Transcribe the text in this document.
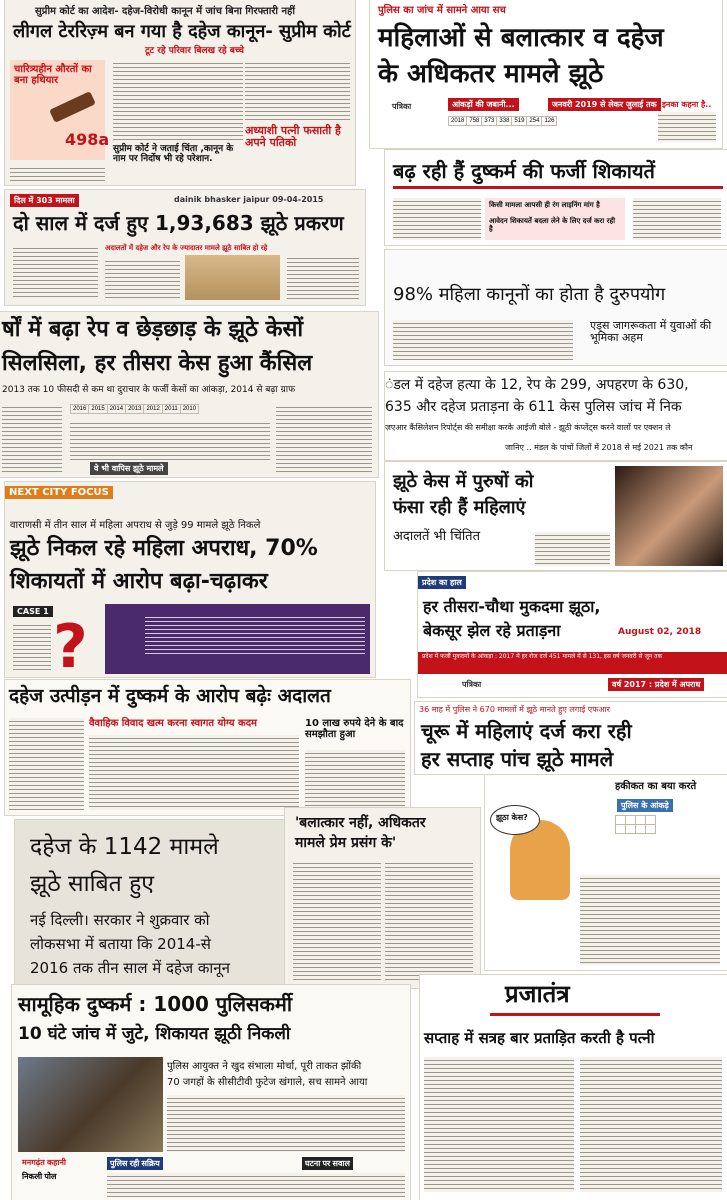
सुप्रीम कोर्ट का आदेश- दहेज-विरोधी कानून में जांच बिना गिरफ्तारी नहीं
लीगल टेररिज़्म बन गया है दहेज कानून- सुप्रीम कोर्ट
टूट रहे परिवार बिलख रहे बच्चे
चारित्र्यहीन औरतों का बना हथियार
498a	अध्याशी पत्नी फसाती है अपने पतिको
सुप्रीम कोर्ट ने जताई चिंता ,कानून के नाम पर निर्दोष भी रहे परेशान.
पुलिस का जांच में सामने आया सच
महिलाओं से बलात्कार व दहेज
के अधिकतर मामले झूठे
पत्रिका	आंकड़ों की जबानी...	जनवरी 2019 से लेकर जुलाई तक इनका कहना है..
2018	758	373	338	519	254	126
दिल में 303 मामला	dainik bhasker jaipur 09-04-2015
दो साल में दर्ज हुए 1,93,683 झूठे प्रकरण
अदालतों में दहेज और रेप के ज्यादातर मामले झूठे साबित हो रहे
बढ़ रही हैं दुष्कर्म की फर्जी शिकायतें
किसी मामला आपसी ही रंग लाइनिंग मांग है
आवेदन शिकायतें बदला लेने के लिए दर्ज करा रही है
98% महिला कानूनों का होता है दुरुपयोग
एड्स जागरूकता में युवाओं की भूमिका अहम
र्षों में बढ़ा रेप व छेड़छाड़ के झूठे केसों
सिलसिला, हर तीसरा केस हुआ कैंसिल
2013 तक 10 फीसदी से कम था दुराचार के फर्जी केसों का आंकड़ा, 2014 से बढ़ा ग्राफ
2016	2015	2014	2013	2012	2011	2010
वे भी वापिस झूठे मामले
ंडल में दहेज हत्या के 12, रेप के 299, अपहरण के 630,
635 और दहेज प्रताड़ना के 611 केस पुलिस जांच में निक
ज़एआर कैंसिलेशन रिपोर्ट्स की समीक्षा करके आईजी बोले - झूठी कंप्लेंट्स करने वालों पर एक्शन ले
जानिए .. मंडल के पांचों जिलों में 2018 से मई 2021 तक कौन
NEXT CITY FOCUS
वाराणसी में तीन साल में महिला अपराध से जुड़े 99 मामले झूठे निकले
झूठे निकल रहे महिला अपराध, 70%
शिकायतों में आरोप बढ़ा-चढ़ाकर
CASE 1
?
झूठे केस में पुरुषों को
फंसा रही हैं महिलाएं
अदालतें भी चिंतित
प्रदेश का हाल
हर तीसरा-चौथा मुकदमा झूठा,
बेकसूर झेल रहे प्रताड़ना	August 02, 2018
प्रदेश में फर्जी मुकदमों के आंकड़ा : 2017 में हर रोज दर्ज 451 मामले में से 131, इस वर्ष जनवरी से जून तक
पत्रिका	वर्ष 2017 : प्रदेश में अपराध
दहेज उत्पीड़न में दुष्कर्म के आरोप बढ़ेः अदालत
वैवाहिक विवाद खत्म करना स्वागत योग्य कदम	10 लाख रुपये देने के बाद समझौता हुआ
36 माह में पुलिस ने 670 मामलों में झूठे मानते हुए लगाई एफआर
चूरू में महिलाएं दर्ज करा रही
हर सप्ताह पांच झूठे मामले
दहेज के 1142 मामले
झूठे साबित हुए
नई दिल्ली। सरकार ने शुक्रवार को
लोकसभा में बताया कि 2014-से
2016 तक तीन साल में दहेज कानून
'बलात्कार नहीं, अधिकतर
मामले प्रेम प्रसंग के'
हकीकत का बया करते
पुलिस के आंकड़े

झूठा केस?
सामूहिक दुष्कर्म : 1000 पुलिसकर्मी
10 घंटे जांच में जुटे, शिकायत झूठी निकली
पुलिस आयुक्त ने खुद संभाला मोर्चा, पूरी ताकत झोंकी
70 जगहों के सीसीटीवी फुटेज खंगाले, सच सामने आया
मनगढ़ंत कहानी
निकली पोल
पुलिस रही सक्रिय	घटना पर सवाल
प्रजातंत्र
सप्ताह में सत्रह बार प्रताड़ित करती है पत्नी
